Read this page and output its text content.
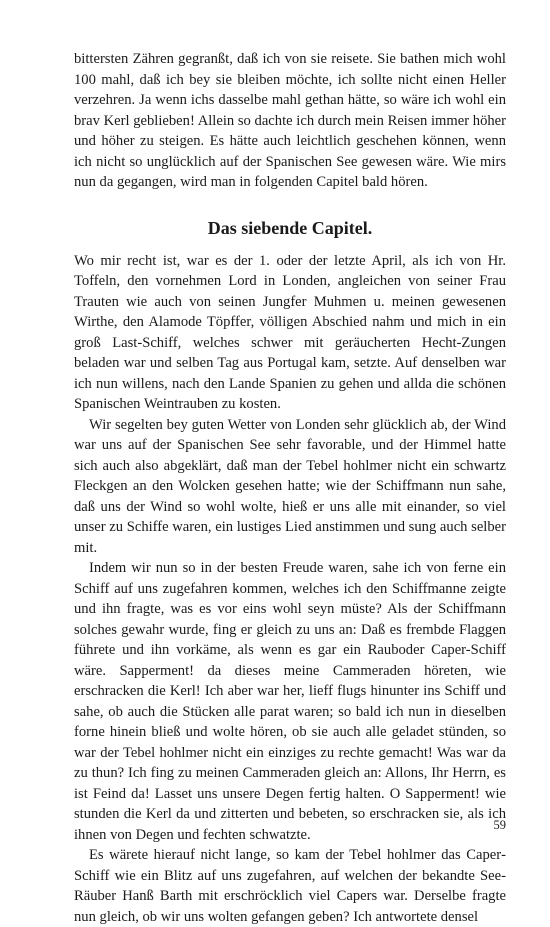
bittersten Zähren gegranßt, daß ich von sie reisete. Sie bathen mich wohl 100 mahl, daß ich bey sie bleiben möchte, ich sollte nicht einen Heller verzehren. Ja wenn ichs dasselbe mahl gethan hätte, so wäre ich wohl ein brav Kerl geblieben! Allein so dachte ich durch mein Reisen immer höher und höher zu steigen. Es hätte auch leichtlich geschehen können, wenn ich nicht so unglücklich auf der Spanischen See gewesen wäre. Wie mirs nun da gegangen, wird man in folgenden Capitel bald hören.

Das siebende Capitel.

Wo mir recht ist, war es der 1. oder der letzte April, als ich von Hr. Toffeln, den vornehmen Lord in Londen, angleichen von seiner Frau Trauten wie auch von seinen Jungfer Muhmen u. meinen gewesenen Wirthe, den Alamode Töpffer, völligen Abschied nahm und mich in ein groß Last-Schiff, welches schwer mit geräucherten Hecht-Zungen beladen war und selben Tag aus Portugal kam, setzte. Auf denselben war ich nun willens, nach den Lande Spanien zu gehen und allda die schönen Spanischen Weintrauben zu kosten.

Wir segelten bey guten Wetter von Londen sehr glücklich ab, der Wind war uns auf der Spanischen See sehr favorable, und der Himmel hatte sich auch also abgeklärt, daß man der Tebel hohlmer nicht ein schwartz Fleckgen an den Wolcken gesehen hatte; wie der Schiffmann nun sahe, daß uns der Wind so wohl wolte, hieß er uns alle mit einander, so viel unser zu Schiffe waren, ein lustiges Lied anstimmen und sung auch selber mit.

Indem wir nun so in der besten Freude waren, sahe ich von ferne ein Schiff auf uns zugefahren kommen, welches ich den Schiffmanne zeigte und ihn fragte, was es vor eins wohl seyn müste? Als der Schiffmann solches gewahr wurde, fing er gleich zu uns an: Daß es frembde Flaggen führete und ihn vorkäme, als wenn es gar ein Rauboder Caper-Schiff wäre. Sapperment! da dieses meine Cammeraden höreten, wie erschracken die Kerl! Ich aber war her, lieff flugs hinunter ins Schiff und sahe, ob auch die Stücken alle parat waren; so bald ich nun in dieselben forne hinein bließ und wolte hören, ob sie auch alle geladet stünden, so war der Tebel hohlmer nicht ein einziges zu rechte gemacht! Was war da zu thun? Ich fing zu meinen Cammeraden gleich an: Allons, Ihr Herrn, es ist Feind da! Lasset uns unsere Degen fertig halten. O Sapperment! wie stunden die Kerl da und zitterten und bebeten, so erschracken sie, als ich ihnen von Degen und fechten schwatzte.

Es wärete hierauf nicht lange, so kam der Tebel hohlmer das CaperSchiff wie ein Blitz auf uns zugefahren, auf welchen der bekandte SeeRäuber Hanß Barth mit erschröcklich viel Capers war. Derselbe fragte nun gleich, ob wir uns wolten gefangen geben? Ich antwortete densel

59
